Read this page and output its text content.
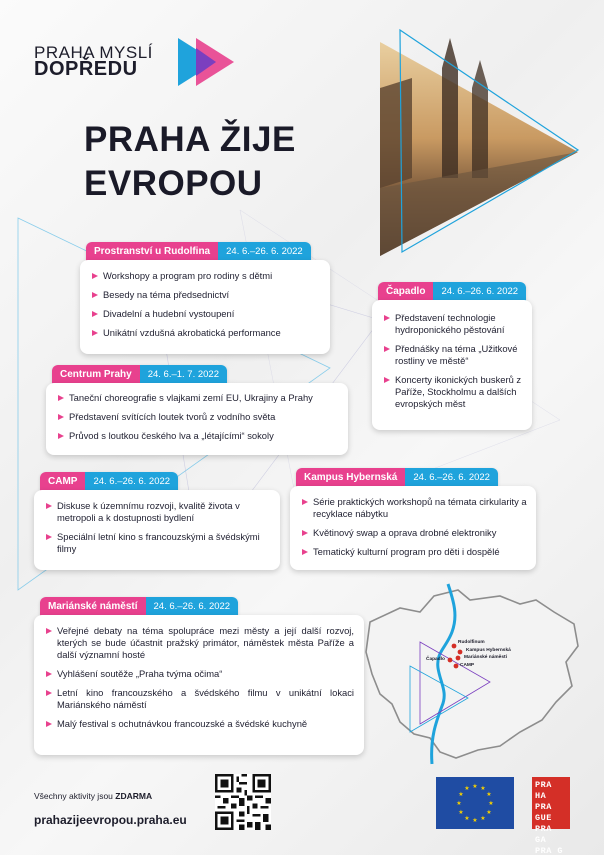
PRAHA MYSLÍ
DOPŘEDU
PRAHA ŽIJE
EVROPOU
Prostranství u Rudolfina	24. 6.–26. 6. 2022
Workshopy a program pro rodiny s dětmi
Besedy na téma předsednictví
Divadelní a hudební vystoupení
Unikátní vzdušná akrobatická performance
Čapadlo	24. 6.–26. 6. 2022
Představení technologie hydroponického pěstování
Přednášky na téma „Užitkové rostliny ve městě“
Koncerty ikonických buskerů z Paříže, Stockholmu a dalších evropských měst
Centrum Prahy	24. 6.–1. 7. 2022
Taneční choreografie s vlajkami zemí EU, Ukrajiny a Prahy
Představení svítících loutek tvorů z vodního světa
Průvod s loutkou českého lva a „létajícími“ sokoly
CAMP	24. 6.–26. 6. 2022
Diskuse k územnímu rozvoji, kvalitě života v metropoli a k dostupnosti bydlení
Speciální letní kino s francouzskými a švédskými filmy
Kampus Hybernská	24. 6.–26. 6. 2022
Série praktických workshopů na témata cirkularity a recyklace nábytku
Květinový swap a oprava drobné elektroniky
Tematický kulturní program pro děti i dospělé
Mariánské náměstí	24. 6.–26. 6. 2022
Veřejné debaty na téma spolupráce mezi městy a její další rozvoj, kterých se bude účastnit pražský primátor, náměstek města Paříže a další významní hosté
Vyhlášení soutěže „Praha tvýma očima“
Letní kino francouzského a švédského filmu v unikátní lokaci Mariánského náměstí
Malý festival s ochutnávkou francouzské a švédské kuchyně
Rudolfinum
Kampus Hybernská
Mariánské náměstí
Čapadlo
CAMP
Všechny aktivity jsou ZDARMA
prahazijeevropou.praha.eu
★ ★
★
★
★
★
★
★
★
★
★
★	PRA HA
PRA GUE
PRA GA
PRA G
